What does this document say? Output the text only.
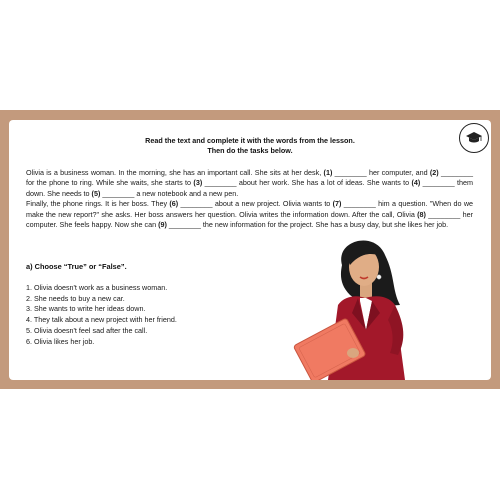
Read the text and complete it with the words from the lesson.
Then do the tasks below.
Olivia is a business woman. In the morning, she has an important call. She sits at her desk, (1) ________ her computer, and (2) ________ for the phone to ring. While she waits, she starts to (3) ________ about her work. She has a lot of ideas. She wants to (4) ________ them down. She needs to (5) ________ a new notebook and a new pen.
Finally, the phone rings. It is her boss. They (6) ________ about a new project. Olivia wants to (7) ________ him a question. "When do we make the new report?" she asks. Her boss answers her question. Olivia writes the information down. After the call, Olivia (8) ________ her computer. She feels happy. Now she can (9) ________ the new information for the project. She has a busy day, but she likes her job.
a) Choose “True” or “False”.
1. Olivia doesn't work as a business woman.
2. She needs to buy a new car.
3. She wants to write her ideas down.
4. They talk about a new project with her friend.
5. Olivia doesn't feel sad after the call.
6. Olivia likes her job.
